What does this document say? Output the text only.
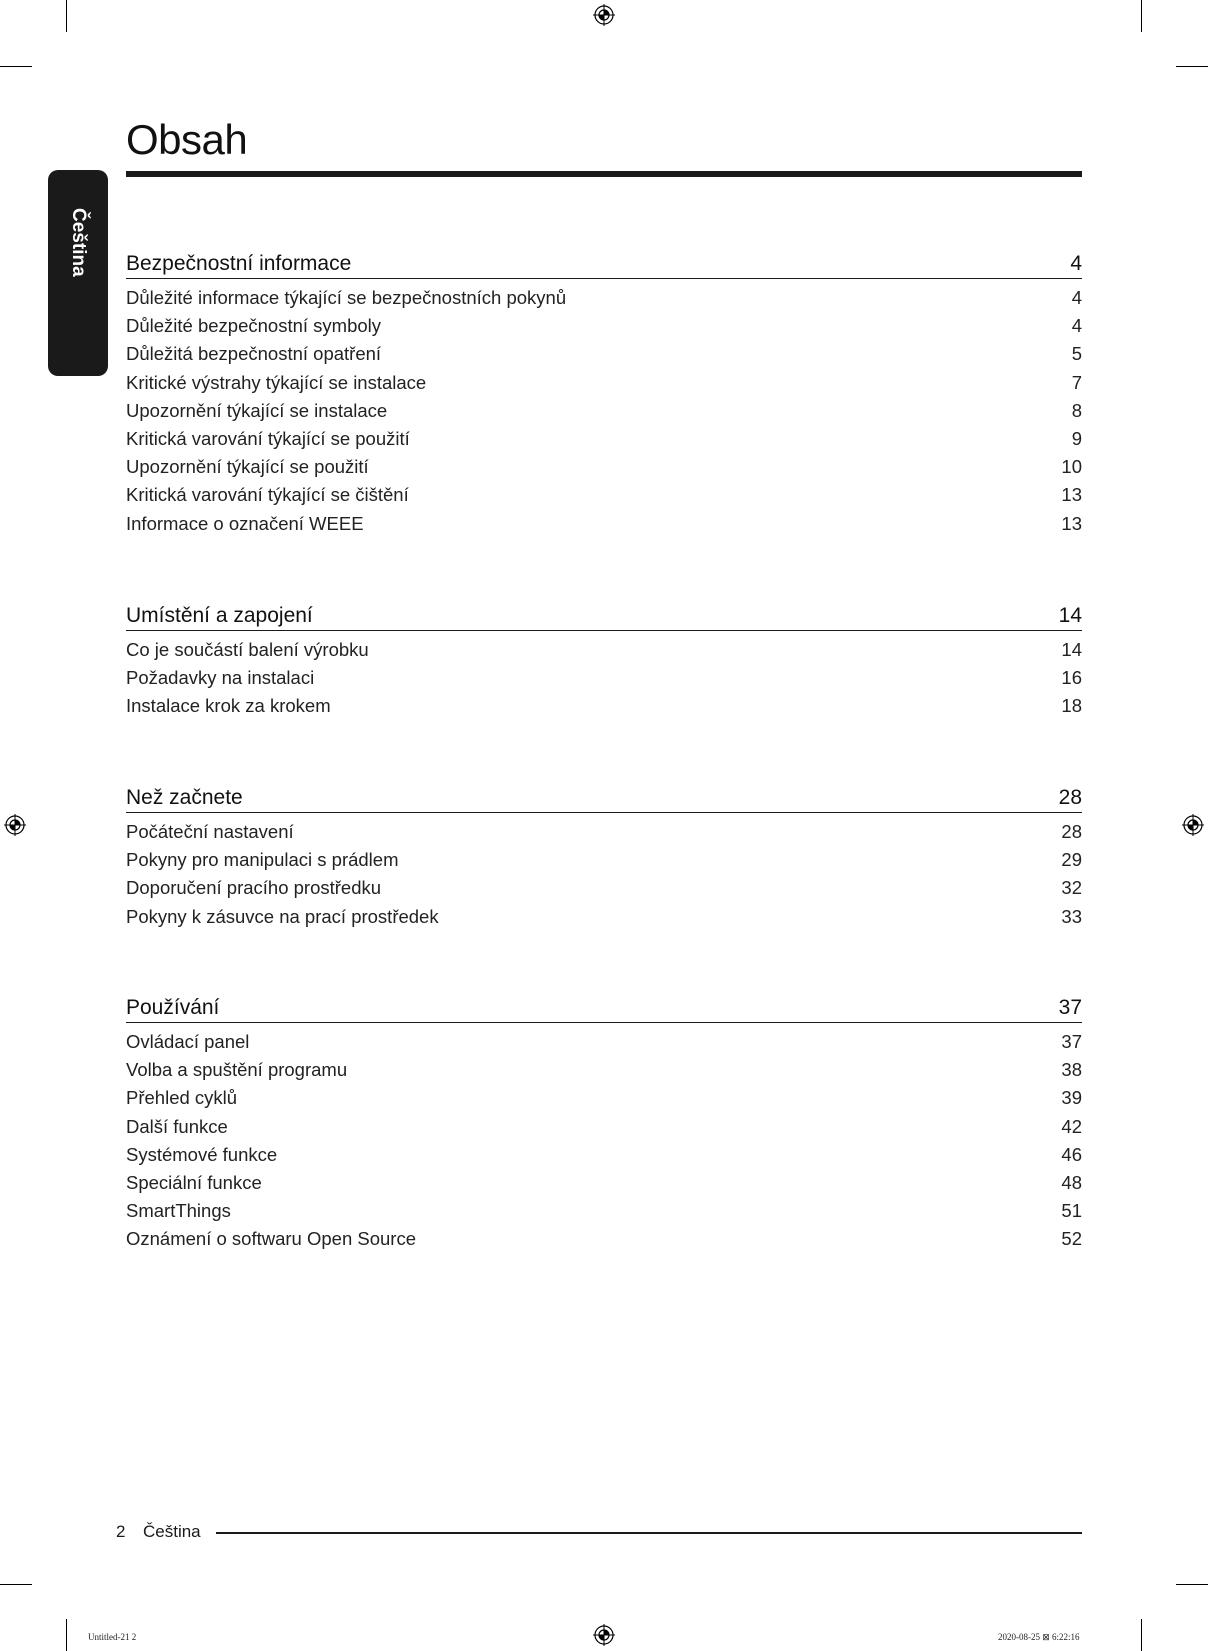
Čeština
Obsah
Bezpečnostní informace	4
Důležité informace týkající se bezpečnostních pokynů	4
Důležité bezpečnostní symboly	4
Důležitá bezpečnostní opatření	5
Kritické výstrahy týkající se instalace	7
Upozornění týkající se instalace	8
Kritická varování týkající se použití	9
Upozornění týkající se použití	10
Kritická varování týkající se čištění	13
Informace o označení WEEE	13
Umístění a zapojení	14
Co je součástí balení výrobku	14
Požadavky na instalaci	16
Instalace krok za krokem	18
Než začnete	28
Počáteční nastavení	28
Pokyny pro manipulaci s prádlem	29
Doporučení pracího prostředku	32
Pokyny k zásuvce na prací prostředek	33
Používání	37
Ovládací panel	37
Volba a spuštění programu	38
Přehled cyklů	39
Další funkce	42
Systémové funkce	46
Speciální funkce	48
SmartThings	51
Oznámení o softwaru Open Source	52
2 Čeština
Untitled-21 2	2020-08-25 ⊠ 6:22:16
